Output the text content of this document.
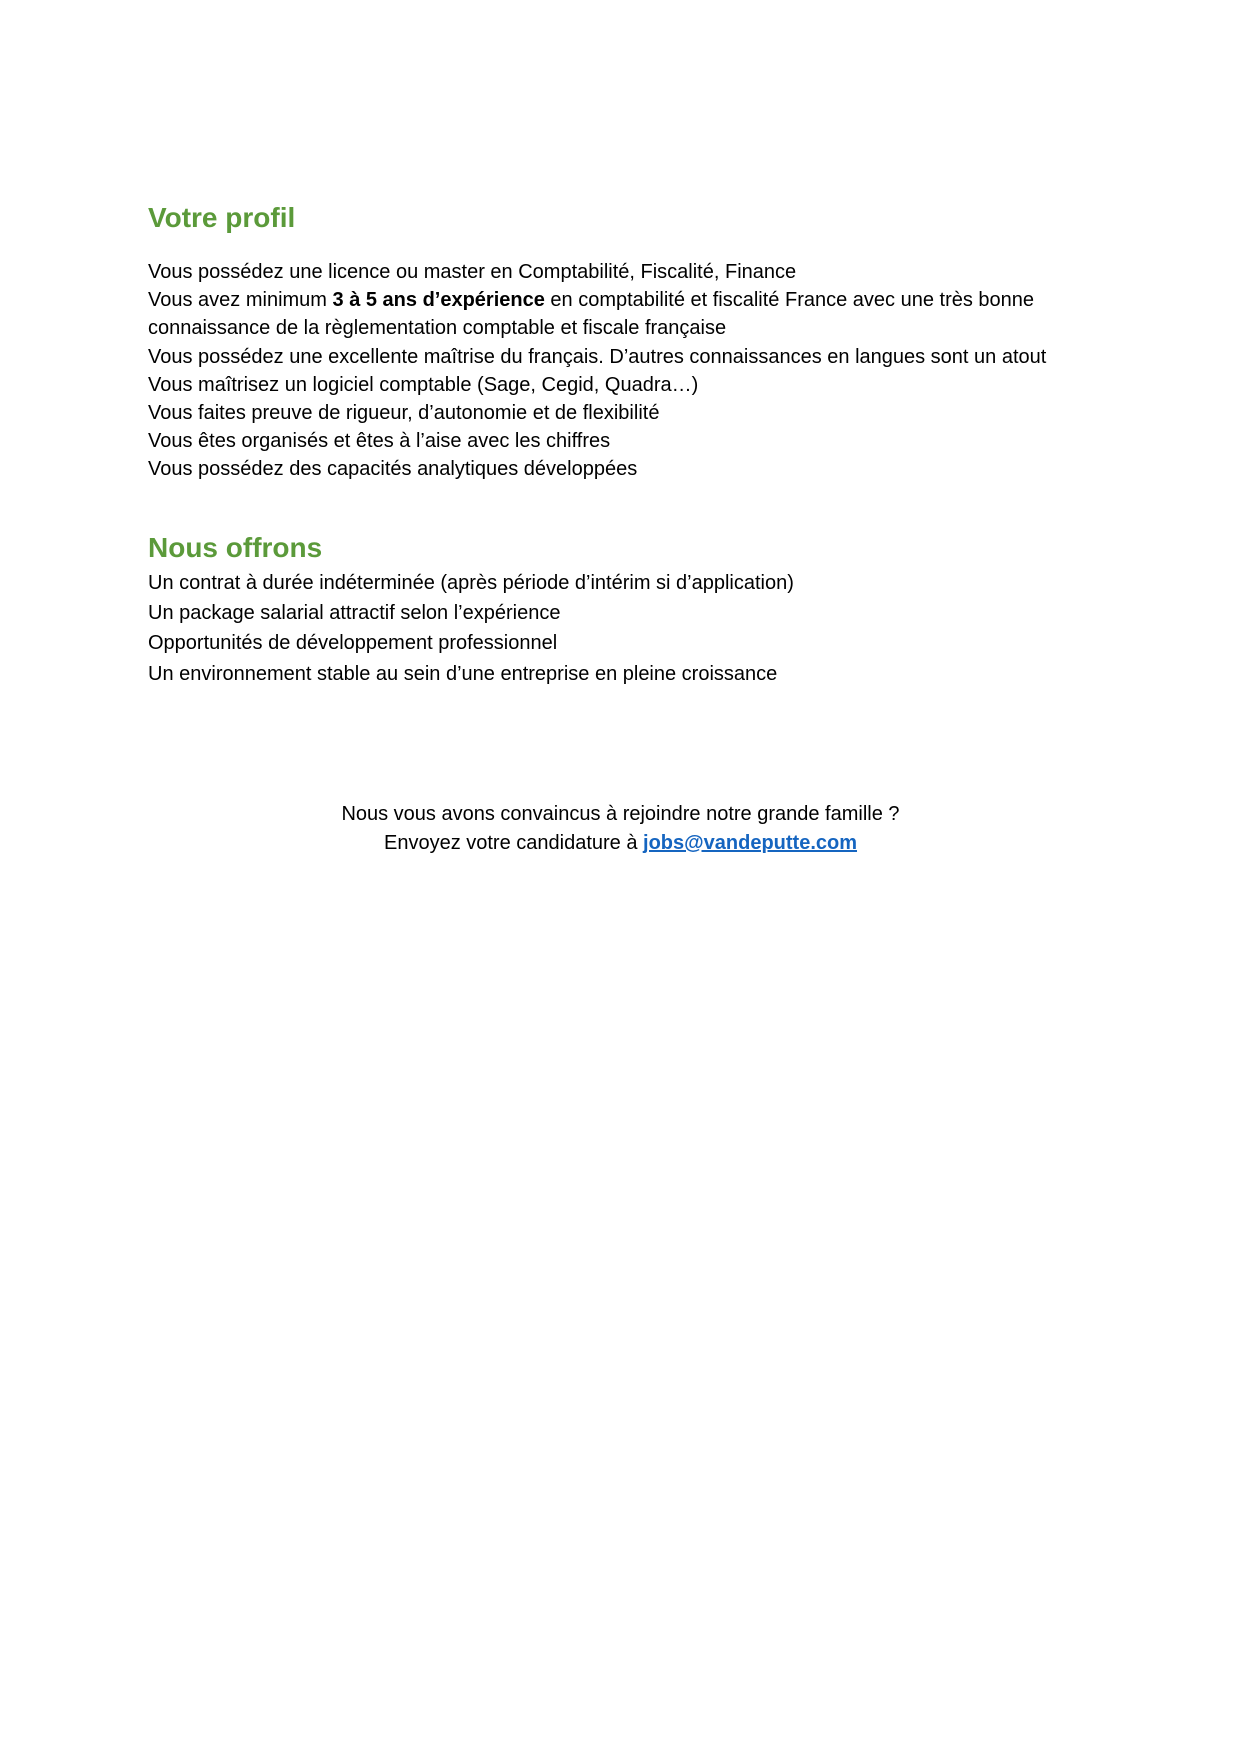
Votre profil
Vous possédez une licence ou master en Comptabilité, Fiscalité, Finance
Vous avez minimum 3 à 5 ans d’expérience en comptabilité et fiscalité France avec une très bonne
connaissance de la règlementation comptable et fiscale française
Vous possédez une excellente maîtrise du français. D’autres connaissances en langues sont un atout
Vous maîtrisez un logiciel comptable (Sage, Cegid, Quadra…)
Vous faites preuve de rigueur, d’autonomie et de flexibilité
Vous êtes organisés et êtes à l’aise avec les chiffres
Vous possédez des capacités analytiques développées
Nous offrons
Un contrat à durée indéterminée (après période d’intérim si d’application)
Un package salarial attractif selon l’expérience
Opportunités de développement professionnel
Un environnement stable au sein d’une entreprise en pleine croissance
Nous vous avons convaincus à rejoindre notre grande famille ?
Envoyez votre candidature à jobs@vandeputte.com
